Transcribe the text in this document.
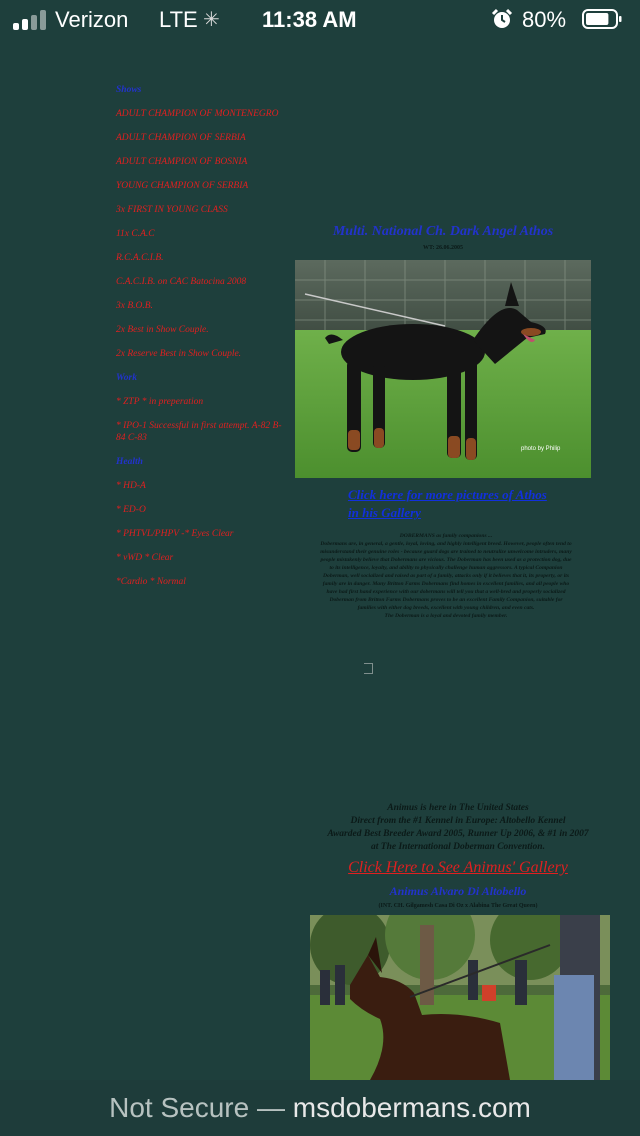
Verizon LTE ✳ 11:38 AM	80%
Shows
ADULT CHAMPION OF MONTENEGRO
ADULT CHAMPION OF SERBIA
ADULT CHAMPION OF BOSNIA
YOUNG CHAMPION OF SERBIA
3x FIRST IN YOUNG CLASS
11x C.A.C
R.C.A.C.I.B.
C.A.C.I.B. on CAC Batocina 2008
3x B.O.B.
2x Best in Show Couple.
2x Reserve Best in Show Couple.
Work
* ZTP * in preperation
* IPO-1 Successful in first attempt. A-82 B-84 C-83
Health
* HD-A
* ED-O
* PHTVL/PHPV -* Eyes Clear
* vWD * Clear
*Cardio * Normal
Multi. National Ch. Dark Angel Athos
WT: 26.06.2005
photo by Philip
Click here for more pictures of Athos in his Gallery
DOBERMANS as family companions ...
Dobermans are, in general, a gentle, loyal, loving, and highly intelligent breed. However, people often tend to misunderstand their genuine roles - because guard dogs are trained to neutralize unwelcome intruders, many people mistakenly believe that Dobermans are vicious. The Doberman has been used as a protection dog, due to its intelligence, loyalty, and ability to physically challenge human aggressors. A typical Companion Doberman, well socialized and raised as part of a family, attacks only if it believes that it, its property, or its family are in danger. Many Britton Farms Dobermans find homes in excellent families, and all people who have had first hand experience with our dobermans will tell you that a well-bred and properly socialized Doberman from Britton Farms Dobermans proves to be an excellent Family Companion, suitable for families with either dog breeds, excellent with young children, and even cats.
The Doberman is a loyal and devoted family member.
Animus is here in The United States
Direct from the #1 Kennel in Europe: Altobello Kennel
Awarded Best Breeder Award 2005, Runner Up 2006, & #1 in 2007
at The International Doberman Convention.
Click Here to See Animus' Gallery
Animus Alvaro Di Altobello
(INT. CH. Gilgamesh Casa Di Oz x Alabina The Great Queen)
Not Secure — msdobermans.com
